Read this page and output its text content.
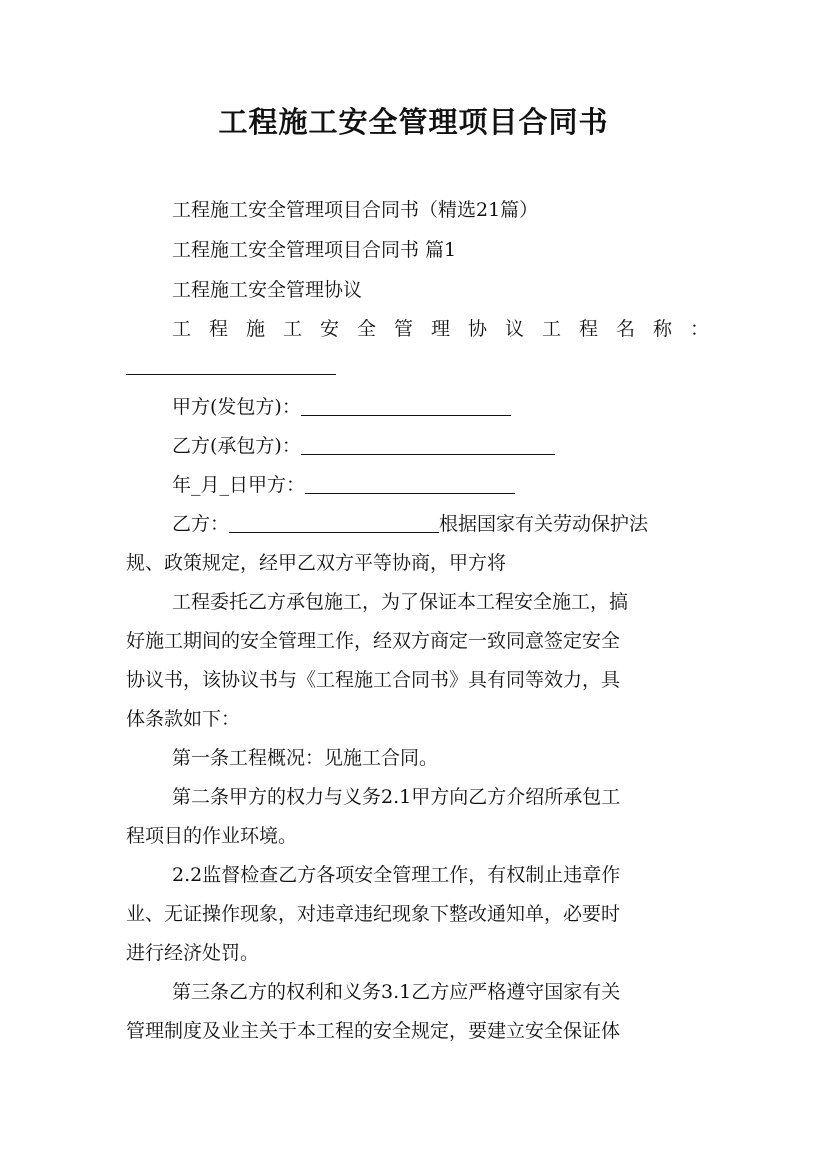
工程施工安全管理项目合同书
工程施工安全管理项目合同书（精选21篇）
工程施工安全管理项目合同书 篇1
工程施工安全管理协议
工程施工安全管理协议工程名称：
甲方(发包方)：
乙方(承包方)：
年_月_日甲方：
乙方：	根据国家有关劳动保护法
规、政策规定，经甲乙双方平等协商，甲方将
工程委托乙方承包施工，为了保证本工程安全施工，搞
好施工期间的安全管理工作，经双方商定一致同意签定安全
协议书，该协议书与《工程施工合同书》具有同等效力，具
体条款如下：
第一条工程概况：见施工合同。
第二条甲方的权力与义务2.1甲方向乙方介绍所承包工
程项目的作业环境。
2.2监督检查乙方各项安全管理工作，有权制止违章作
业、无证操作现象，对违章违纪现象下整改通知单，必要时
进行经济处罚。
第三条乙方的权利和义务3.1乙方应严格遵守国家有关
管理制度及业主关于本工程的安全规定，要建立安全保证体
